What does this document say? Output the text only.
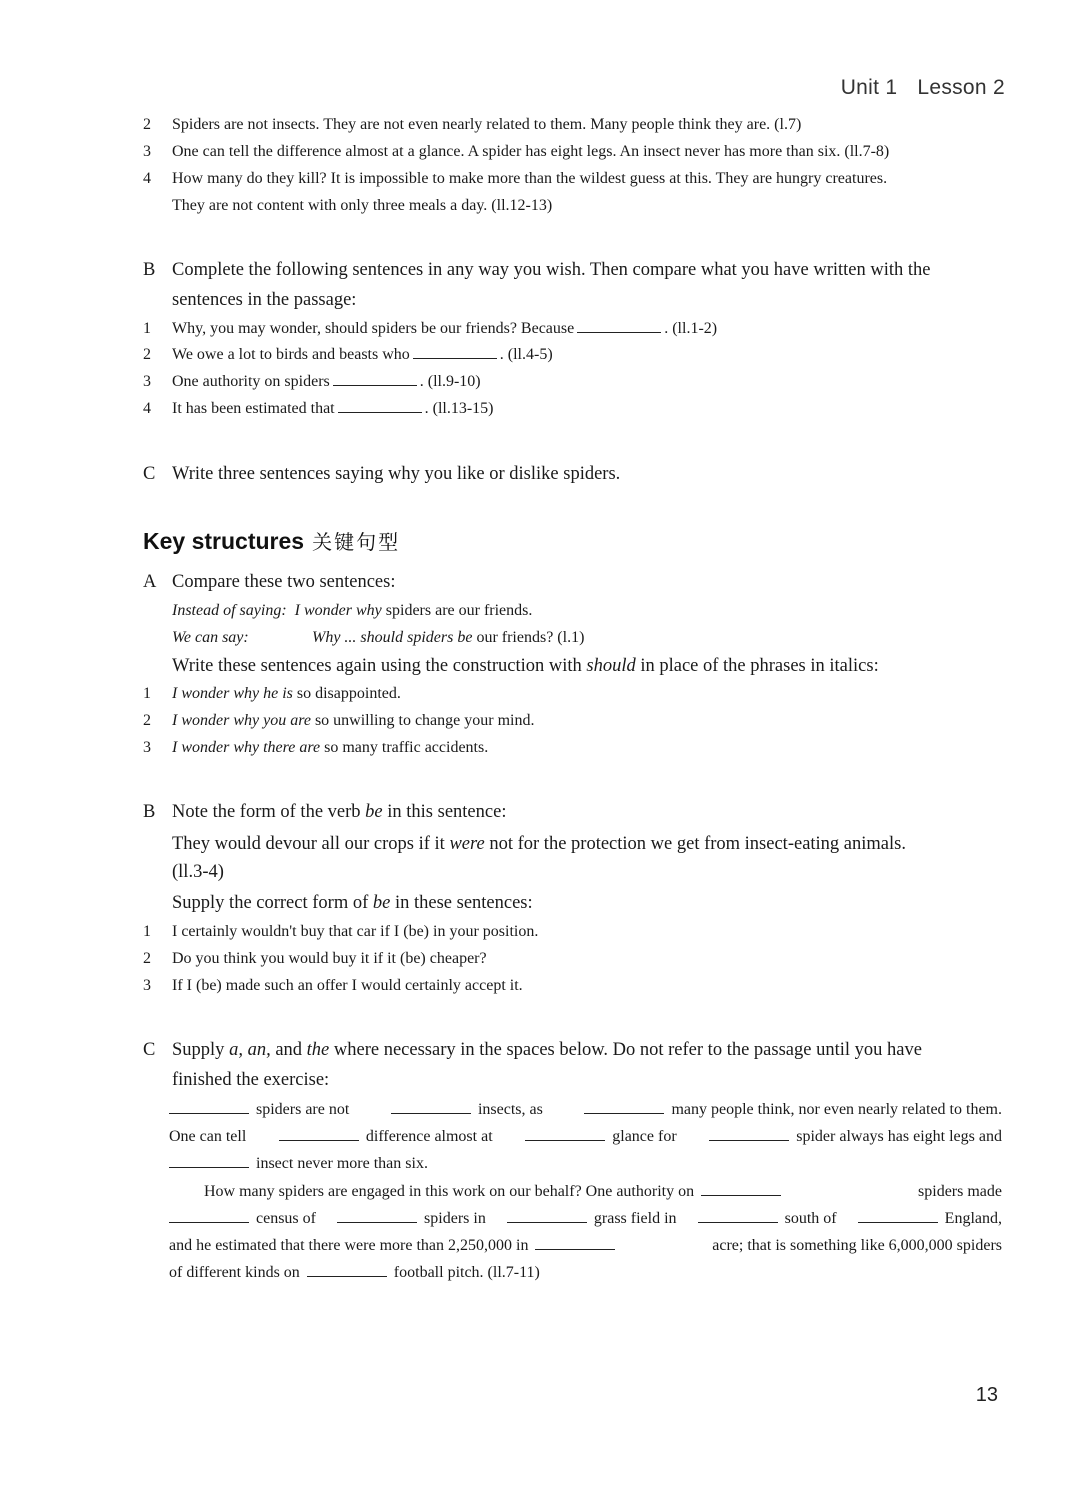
Unit 1 Lesson 2
2 Spiders are not insects. They are not even nearly related to them. Many people think they are. (l.7)
3 One can tell the difference almost at a glance. A spider has eight legs. An insect never has more than six. (ll.7-8)
4 How many do they kill? It is impossible to make more than the wildest guess at this. They are hungry creatures.
They are not content with only three meals a day. (ll.12-13)
B Complete the following sentences in any way you wish. Then compare what you have written with the
sentences in the passage:
1 Why, you may wonder, should spiders be our friends? Because	. (ll.1-2)
2 We owe a lot to birds and beasts who	. (ll.4-5)
3 One authority on spiders	. (ll.9-10)
4 It has been estimated that	. (ll.13-15)
C Write three sentences saying why you like or dislike spiders.
Key structures 关键句型
A Compare these two sentences:
Instead of saying: I wonder why spiders are our friends.
We can say:	Why ... should spiders be our friends? (l.1)
Write these sentences again using the construction with should in place of the phrases in italics:
1 I wonder why he is so disappointed.
2 I wonder why you are so unwilling to change your mind.
3 I wonder why there are so many traffic accidents.
B Note the form of the verb be in this sentence:
They would devour all our crops if it were not for the protection we get from insect-eating animals.
(ll.3-4)
Supply the correct form of be in these sentences:
1 I certainly wouldn't buy that car if I (be) in your position.
2 Do you think you would buy it if it (be) cheaper?
3 If I (be) made such an offer I would certainly accept it.
C Supply a, an, and the where necessary in the spaces below. Do not refer to the passage until you have
finished the exercise:
spiders are not	insects, as	many people think, nor even nearly related to them.
One can tell	difference almost at	glance for	spider always has eight legs and
insect never more than six.
How many spiders are engaged in this work on our behalf? One authority on	spiders made
census of	spiders in	grass field in	south of	England,
and he estimated that there were more than 2,250,000 in	acre; that is something like 6,000,000 spiders
of different kinds on	football pitch. (ll.7-11)
13
